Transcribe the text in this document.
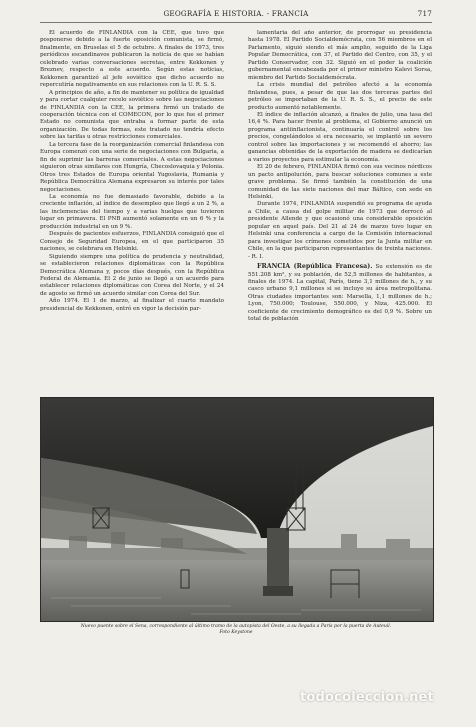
GEOGRAFÍA E HISTORIA. - FRANCIA	717

El acuerdo de FINLANDIA con la CEE, que tuvo que posponerse debido a la fuerte oposición comunista, se firmó, finalmente, en Bruselas el 5 de octubre. A finales de 1973, tres periódicos escandinavos publicaron la noticia de que se habían celebrado varias conversaciones secretas, entre Kekkonen y Breznev, respecto a este acuerdo. Según estas noticias, Kekkonen garantizó al jefe soviético que dicho acuerdo no repercutiría negativamente en sus relaciones con la U. R. S. S.

A principios de año, a fin de mantener su política de igualdad y para cortar cualquier recelo soviético sobre las negociaciones de FINLANDIA con la CEE, la primera firmó un tratado de cooperación técnica con el COMECON, por lo que fue el primer Estado no comunista que entraba a formar parte de esta organización. De todas formas, este tratado no tendría efecto sobre las tarifas u otras restricciones comerciales.

La tercera fase de la reorganización comercial finlandesa con Europa comenzó con una serie de negociaciones con Bulgaria, a fin de suprimir las barreras comerciales. A estas negociaciones siguieron otras similares con Hungría, Checoslovaquia y Polonia. Otros tres Estados de Europa oriental Yugoslavia, Rumania y República Democrática Alemana expresaron su interés por tales negociaciones.

La economía no fue demasiado favorable, debido a la creciente inflación, al índice de desempleo que llegó a un 2 %, a las inclemencias del tiempo y a varias huelgas que tuvieron lugar en primavera. El PNB aumentó solamente en un 6 % y la producción industrial en un 9 %.

Después de pacientes esfuerzos, FINLANDIA consiguió que el Consejo de Seguridad Europea, en el que participaron 35 naciones, se celebrara en Helsinki.

Siguiendo siempre una política de prudencia y neutralidad, se establecieron relaciones diplomáticas con la República Democrática Alemana y, pocos días después, con la República Federal de Alemania. El 2 de junio se llegó a un acuerdo para establecer relaciones diplomáticas con Corea del Norte, y el 24 de agosto se firmó un acuerdo similar con Corea del Sur.

Año 1974. El 1 de marzo, al finalizar el cuarto mandato presidencial de Kekkonen, entró en vigor la decisión par-

lamentaria del año anterior, de prorrogar su presidencia hasta 1978. El Partido Socialdemócrata, con 56 miembros en el Parlamento, siguió siendo el más amplio, seguido de la Liga Popular Democrática, con 37, el Partido del Centro, con 35, y el Partido Conservador, con 32. Siguió en el poder la coalición gubernamental encabezada por el primer ministro Kalevi Sorsa, miembro del Partido Socialdemócrata.

La crisis mundial del petróleo afectó a la economía finlandesa, pues, a pesar de que las dos terceras partes del petróleo se importaban de la U. R. S. S., el precio de este producto aumentó notablemente.

El índice de inflación alcanzó, a finales de julio, una tasa del 16,4 %. Para hacer frente al problema, el Gobierno anunció un programa antiinflacionista, continuaría el control sobre los precios, congelándolos si era necesario, se implantó un severo control sobre las importaciones y se recomendó el ahorro; las ganancias obtenidas de la exportación de madera se dedicarían a varios proyectos para estimular la economía.

El 20 de febrero, FINLANDIA firmó con sus vecinos nórdicos un pacto antipolución, para buscar soluciones comunes a este grave problema. Se firmó también la constitución de una comunidad de las siete naciones del mar Báltico, con sede en Helsinki.

Durante 1974, FINLANDIA suspendió su programa de ayuda a Chile, a causa del golpe militar de 1973 que derrocó al presidente Allende y que ocasionó una considerable oposición popular en aquel país. Del 21 al 24 de marzo tuvo lugar en Helsinki una conferencia a cargo de la Comisión internacional para investigar los crímenes cometidos por la Junta militar en Chile, en la que participaron representantes de treinta naciones. - R. I.

FRANCIA (República Francesa). Su extensión es de 551.208 km², y su población, de 52,5 millones de habitantes, a finales de 1974. La capital, París, tiene 3,1 millones de h., y su casco urbano 9,1 millones si se incluye su área metropolitana. Otras ciudades importantes son: Marsella, 1,1 millones de h.; Lyon, 750.000; Toulouse, 550.000, y Niza, 425.000. El coeficiente de crecimiento demográfico es del 0,9 %. Sobre un total de población

Nuevo puente sobre el Sena, correspondiente al último tramo de la autopista del Oeste, a su llegada a París por la puerta de Auteuil.
Foto Keystone
todocoleccion.net
